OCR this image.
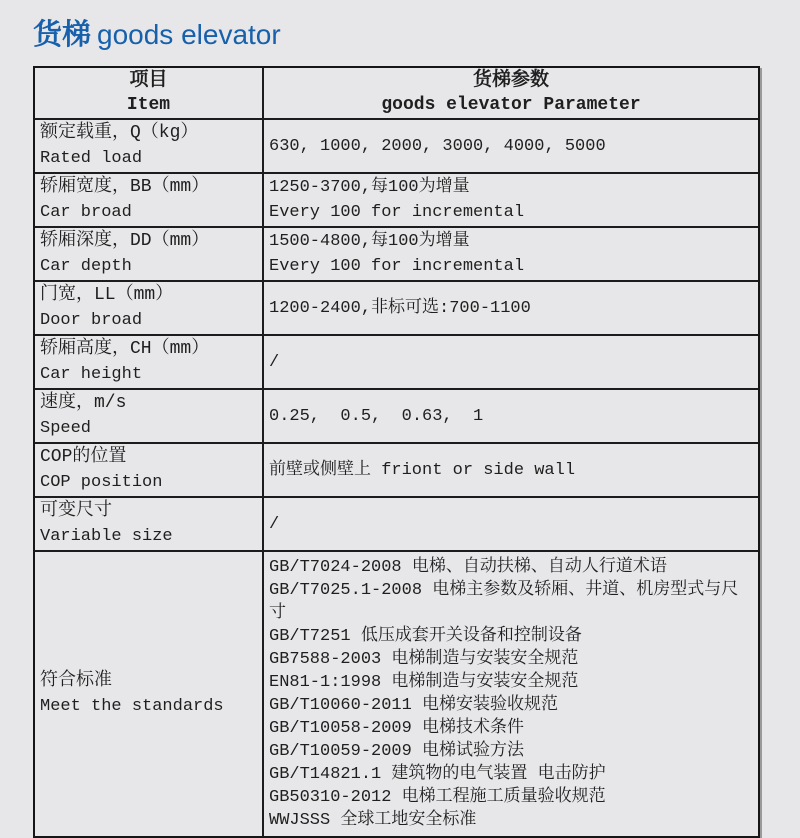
货梯 goods elevator
项目
Item
货梯参数
goods elevator Parameter
额定载重，Q（kg）
Rated load
630, 1000, 2000, 3000, 4000, 5000
轿厢宽度，BB（mm）
Car broad
1250-3700,每100为增量
Every 100 for incremental
轿厢深度，DD（mm）
Car depth
1500-4800,每100为增量
Every 100 for incremental
门宽，LL（mm）
Door broad
1200-2400,非标可选:700-1100
轿厢高度，CH（mm）
Car height
/
速度，m/s
Speed
0.25,  0.5,  0.63,  1
COP的位置
COP position
前壁或侧壁上 friont or side wall
可变尺寸
Variable size
/
符合标准
Meet the standards
GB/T7024-2008 电梯、自动扶梯、自动人行道术语
GB/T7025.1-2008 电梯主参数及轿厢、井道、机房型式与尺寸
GB/T7251 低压成套开关设备和控制设备
GB7588-2003 电梯制造与安装安全规范
EN81-1:1998 电梯制造与安装安全规范
GB/T10060-2011 电梯安装验收规范
GB/T10058-2009 电梯技术条件
GB/T10059-2009 电梯试验方法
GB/T14821.1 建筑物的电气装置 电击防护
GB50310-2012 电梯工程施工质量验收规范
WWJSSS 全球工地安全标准
